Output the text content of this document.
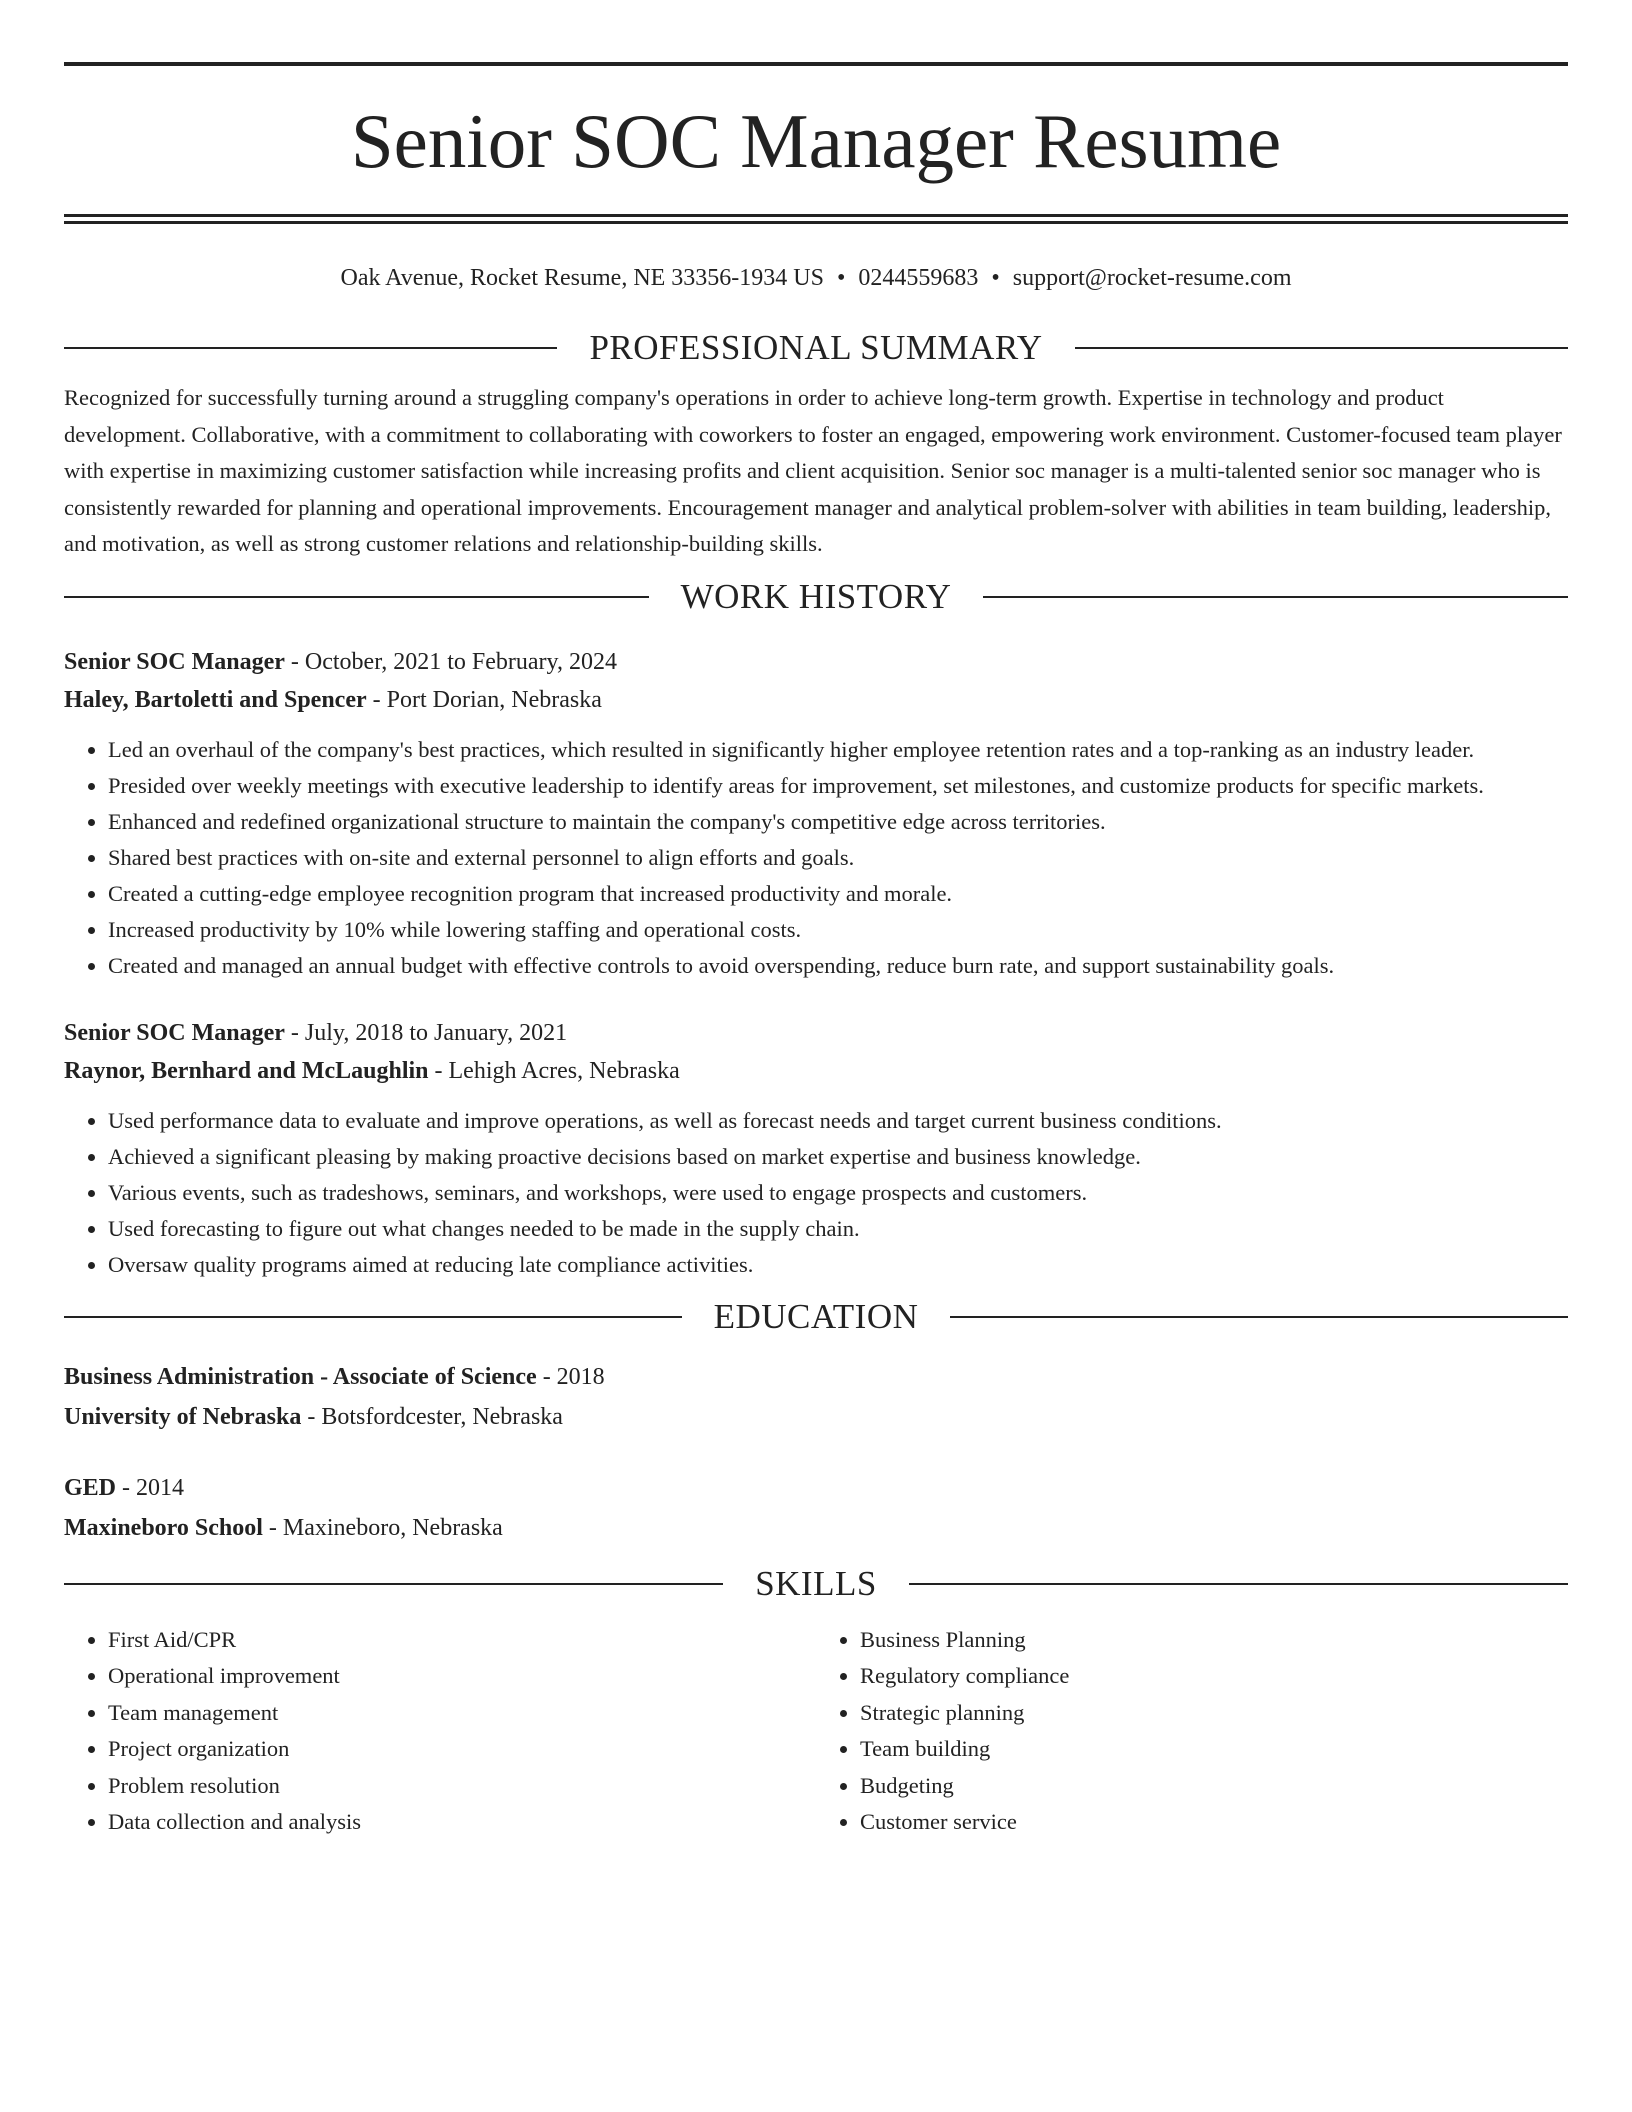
Senior SOC Manager Resume
Oak Avenue, Rocket Resume, NE 33356-1934 US • 0244559683 • support@rocket-resume.com
PROFESSIONAL SUMMARY

Recognized for successfully turning around a struggling company's operations in order to achieve long-term growth. Expertise in technology and product development. Collaborative, with a commitment to collaborating with coworkers to foster an engaged, empowering work environment. Customer-focused team player with expertise in maximizing customer satisfaction while increasing profits and client acquisition. Senior soc manager is a multi-talented senior soc manager who is consistently rewarded for planning and operational improvements. Encouragement manager and analytical problem-solver with abilities in team building, leadership, and motivation, as well as strong customer relations and relationship-building skills.

WORK HISTORY
Senior SOC Manager - October, 2021 to February, 2024
Haley, Bartoletti and Spencer - Port Dorian, Nebraska
• Led an overhaul of the company's best practices, which resulted in significantly higher employee retention rates and a top-ranking as an industry leader.
• Presided over weekly meetings with executive leadership to identify areas for improvement, set milestones, and customize products for specific markets.
• Enhanced and redefined organizational structure to maintain the company's competitive edge across territories.
• Shared best practices with on-site and external personnel to align efforts and goals.
• Created a cutting-edge employee recognition program that increased productivity and morale.
• Increased productivity by 10% while lowering staffing and operational costs.
• Created and managed an annual budget with effective controls to avoid overspending, reduce burn rate, and support sustainability goals.
Senior SOC Manager - July, 2018 to January, 2021
Raynor, Bernhard and McLaughlin - Lehigh Acres, Nebraska
• Used performance data to evaluate and improve operations, as well as forecast needs and target current business conditions.
• Achieved a significant pleasing by making proactive decisions based on market expertise and business knowledge.
• Various events, such as tradeshows, seminars, and workshops, were used to engage prospects and customers.
• Used forecasting to figure out what changes needed to be made in the supply chain.
• Oversaw quality programs aimed at reducing late compliance activities.
EDUCATION
Business Administration - Associate of Science - 2018
University of Nebraska - Botsfordcester, Nebraska
GED - 2014
Maxineboro School - Maxineboro, Nebraska
SKILLS
• First Aid/CPR
• Operational improvement
• Team management
• Project organization
• Problem resolution
• Data collection and analysis
• Business Planning
• Regulatory compliance
• Strategic planning
• Team building
• Budgeting
• Customer service
